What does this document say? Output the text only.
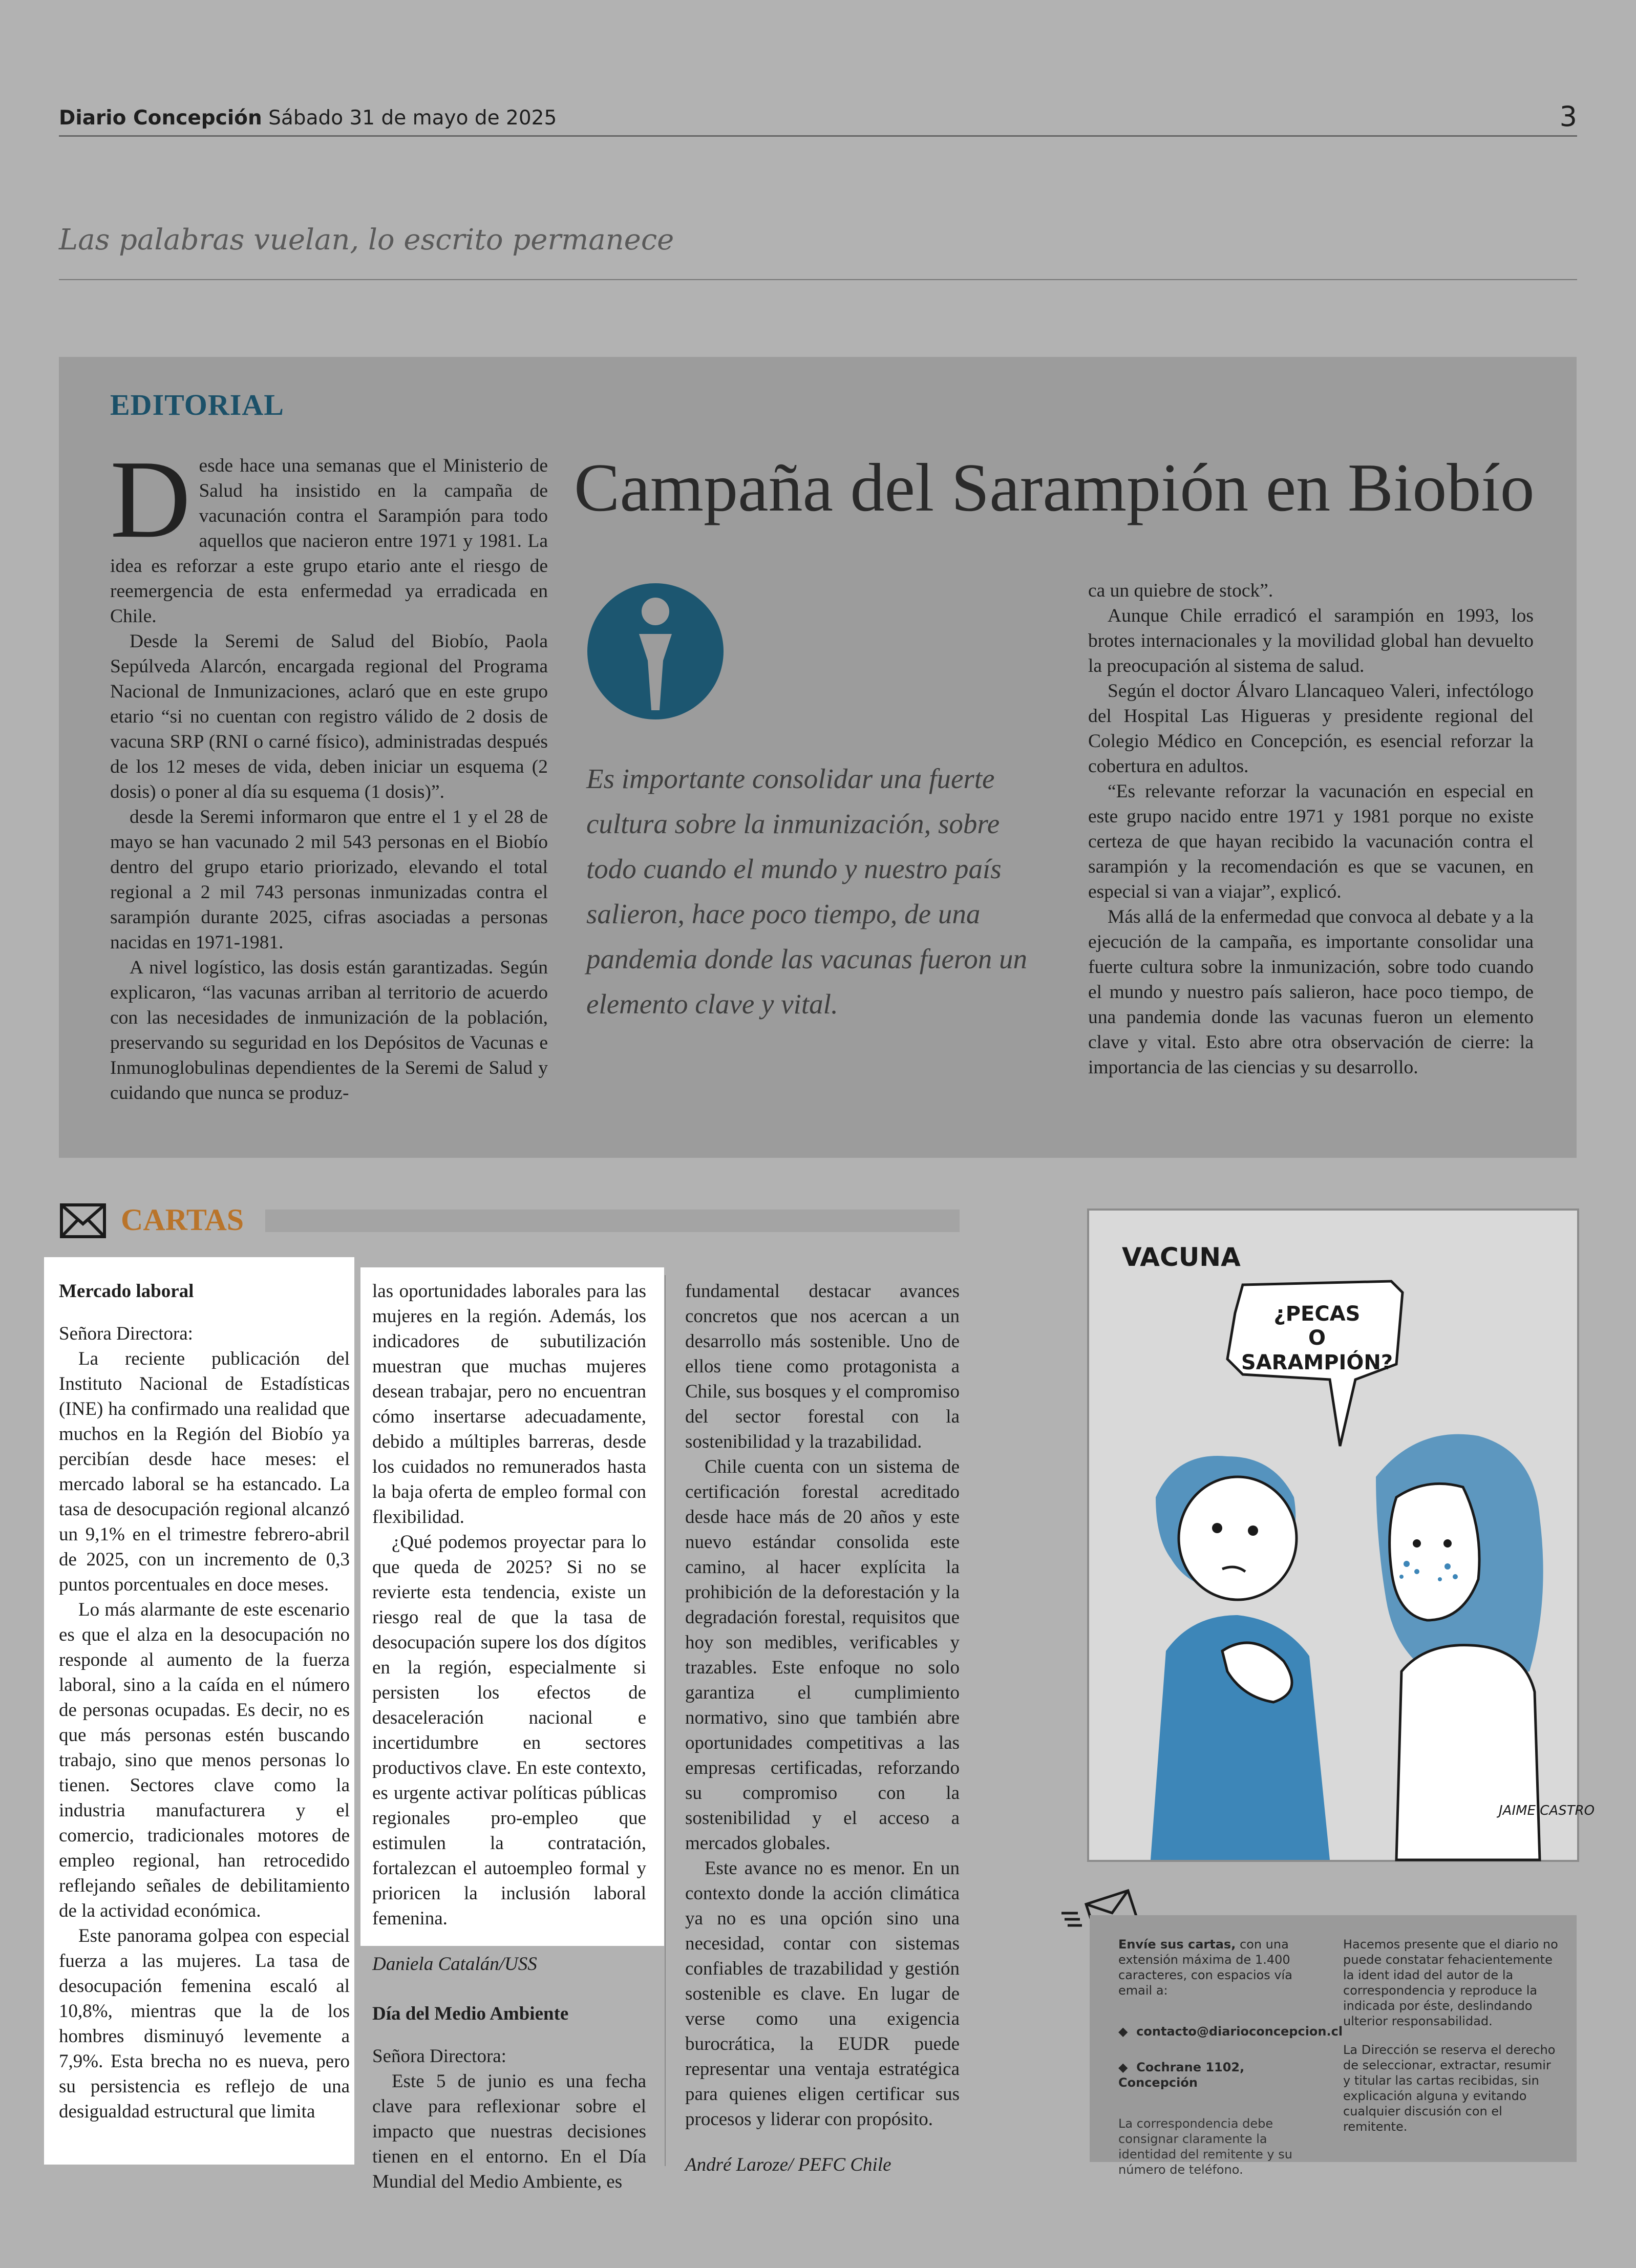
Diario Concepción Sábado 31 de mayo de 2025	3
Las palabras vuelan, lo escrito permanece
EDITORIAL
Campaña del Sarampión en Biobío

Desde hace una semanas que el Ministerio de Salud ha insistido en la campaña de vacunación contra el Sarampión para todo aquellos que nacieron entre 1971 y 1981. La idea es reforzar a este grupo etario ante el riesgo de reemergencia de esta enfermedad ya erradicada en Chile.

Desde la Seremi de Salud del Biobío, Paola Sepúlveda Alarcón, encargada regional del Programa Nacional de Inmunizaciones, aclaró que en este grupo etario “si no cuentan con registro válido de 2 dosis de vacuna SRP (RNI o carné físico), administradas después de los 12 meses de vida, deben iniciar un esquema (2 dosis) o poner al día su esquema (1 dosis)”.

desde la Seremi informaron que entre el 1 y el 28 de mayo se han vacunado 2 mil 543 personas en el Biobío dentro del grupo etario priorizado, elevando el total regional a 2 mil 743 personas inmunizadas contra el sarampión durante 2025, cifras asociadas a personas nacidas en 1971-1981.

A nivel logístico, las dosis están garantizadas. Según explicaron, “las vacunas arriban al territorio de acuerdo con las necesidades de inmunización de la población, preservando su seguridad en los Depósitos de Vacunas e Inmunoglobulinas dependientes de la Seremi de Salud y cuidando que nunca se produz-

Es importante consolidar una fuerte cultura sobre la inmunización, sobre todo cuando el mundo y nuestro país salieron, hace poco tiempo, de una pandemia donde las vacunas fueron un elemento clave y vital.

ca un quiebre de stock”.

Aunque Chile erradicó el sarampión en 1993, los brotes internacionales y la movilidad global han devuelto la preocupación al sistema de salud.

Según el doctor Álvaro Llancaqueo Valeri, infectólogo del Hospital Las Higueras y presidente regional del Colegio Médico en Concepción, es esencial reforzar la cobertura en adultos.

“Es relevante reforzar la vacunación en especial en este grupo nacido entre 1971 y 1981 porque no existe certeza de que hayan recibido la vacunación contra el sarampión y la recomendación es que se vacunen, en especial si van a viajar”, explicó.

Más allá de la enfermedad que convoca al debate y a la ejecución de la campaña, es importante consolidar una fuerte cultura sobre la inmunización, sobre todo cuando el mundo y nuestro país salieron, hace poco tiempo, de una pandemia donde las vacunas fueron un elemento clave y vital. Esto abre otra observación de cierre: la importancia de las ciencias y su desarrollo.

CARTAS

Mercado laboral

Señora Directora:

La reciente publicación del Instituto Nacional de Estadísticas (INE) ha confirmado una realidad que muchos en la Región del Biobío ya percibían desde hace meses: el mercado laboral se ha estancado. La tasa de desocupación regional alcanzó un 9,1% en el trimestre febrero-abril de 2025, con un incremento de 0,3 puntos porcentuales en doce meses.

Lo más alarmante de este escenario es que el alza en la desocupación no responde al aumento de la fuerza laboral, sino a la caída en el número de personas ocupadas. Es decir, no es que más personas estén buscando trabajo, sino que menos personas lo tienen. Sectores clave como la industria manufacturera y el comercio, tradicionales motores de empleo regional, han retrocedido reflejando señales de debilitamiento de la actividad económica.

Este panorama golpea con especial fuerza a las mujeres. La tasa de desocupación femenina escaló al 10,8%, mientras que la de los hombres disminuyó levemente a 7,9%. Esta brecha no es nueva, pero su persistencia es reflejo de una desigualdad estructural que limita

las oportunidades laborales para las mujeres en la región. Además, los indicadores de subutilización muestran que muchas mujeres desean trabajar, pero no encuentran cómo insertarse adecuadamente, debido a múltiples barreras, desde los cuidados no remunerados hasta la baja oferta de empleo formal con flexibilidad.

¿Qué podemos proyectar para lo que queda de 2025? Si no se revierte esta tendencia, existe un riesgo real de que la tasa de desocupación supere los dos dígitos en la región, especialmente si persisten los efectos de desaceleración nacional e incertidumbre en sectores productivos clave. En este contexto, es urgente activar políticas públicas regionales pro-empleo que estimulen la contratación, fortalezcan el autoempleo formal y prioricen la inclusión laboral femenina.

Daniela Catalán/USS

Día del Medio Ambiente

Señora Directora:

Este 5 de junio es una fecha clave para reflexionar sobre el impacto que nuestras decisiones tienen en el entorno. En el Día Mundial del Medio Ambiente, es

fundamental destacar avances concretos que nos acercan a un desarrollo más sostenible. Uno de ellos tiene como protagonista a Chile, sus bosques y el compromiso del sector forestal con la sostenibilidad y la trazabilidad.

Chile cuenta con un sistema de certificación forestal acreditado desde hace más de 20 años y este nuevo estándar consolida este camino, al hacer explícita la prohibición de la deforestación y la degradación forestal, requisitos que hoy son medibles, verificables y trazables. Este enfoque no solo garantiza el cumplimiento normativo, sino que también abre oportunidades competitivas a las empresas certificadas, reforzando su compromiso con la sostenibilidad y el acceso a mercados globales.

Este avance no es menor. En un contexto donde la acción climática ya no es una opción sino una necesidad, contar con sistemas confiables de trazabilidad y gestión sostenible es clave. En lugar de verse como una exigencia burocrática, la EUDR puede representar una ventaja estratégica para quienes eligen certificar sus procesos y liderar con propósito.

André Laroze/ PEFC Chile

VACUNA
¿PECAS
O
SARAMPIÓN?
JAIME CASTRO
Envíe sus cartas, con una extensión máxima de 1.400 caracteres, con espacios vía email a:
◆  contacto@diarioconcepcion.cl
◆  Cochrane 1102, Concepción
La correspondencia debe consignar claramente la identidad del remitente y su número de teléfono.
Hacemos presente que el diario no puede constatar fehacientemente la ident idad del autor de la correspondencia y reproduce la indicada por éste, deslindando ulterior responsabilidad.
La Dirección se reserva el derecho de seleccionar, extractar, resumir y titular las cartas recibidas, sin explicación alguna y evitando cualquier discusión con el remitente.
